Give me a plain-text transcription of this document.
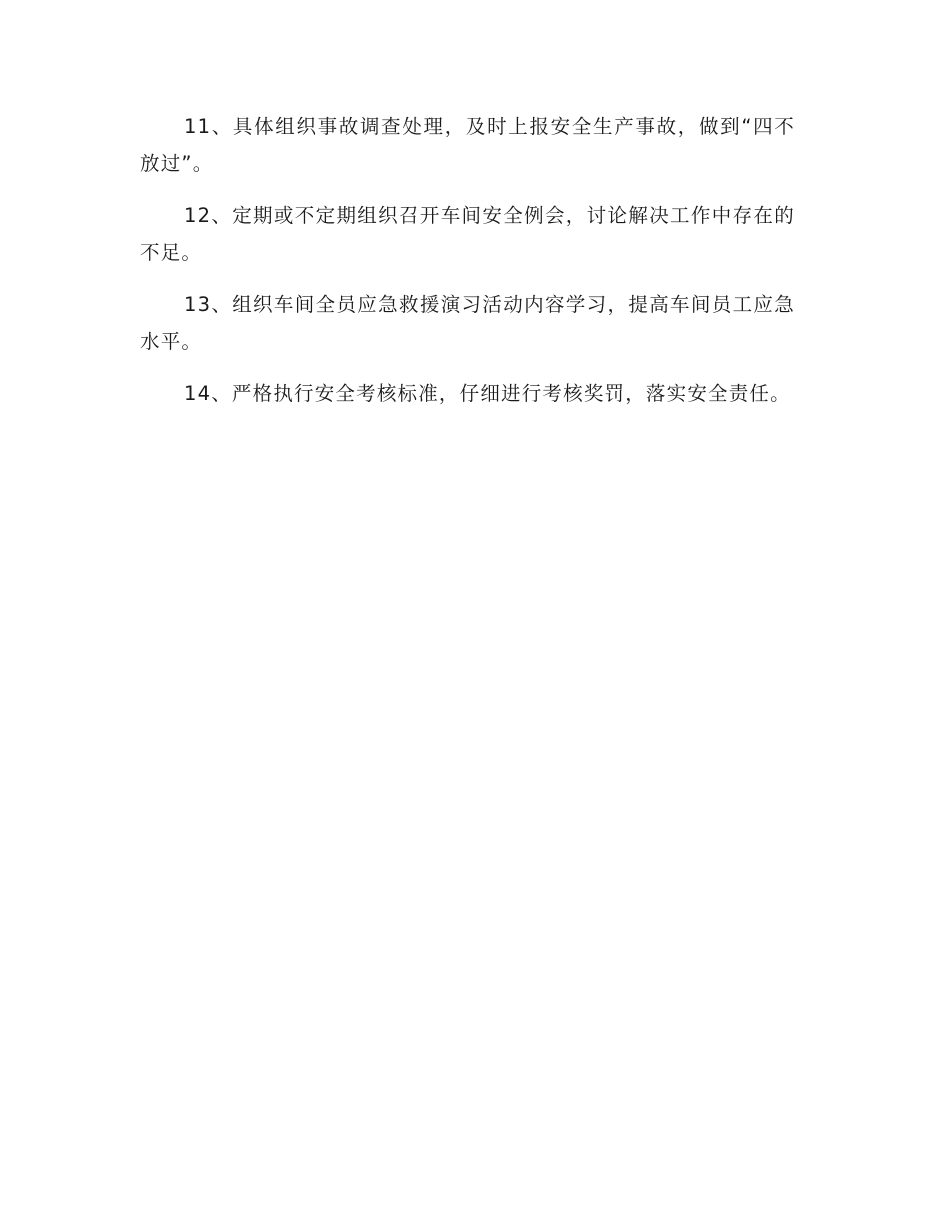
11、具体组织事故调查处理，及时上报安全生产事故，做到“四不放过”。

12、定期或不定期组织召开车间安全例会，讨论解决工作中存在的不足。

13、组织车间全员应急救援演习活动内容学习，提高车间员工应急水平。

14、严格执行安全考核标准，仔细进行考核奖罚，落实安全责任。
